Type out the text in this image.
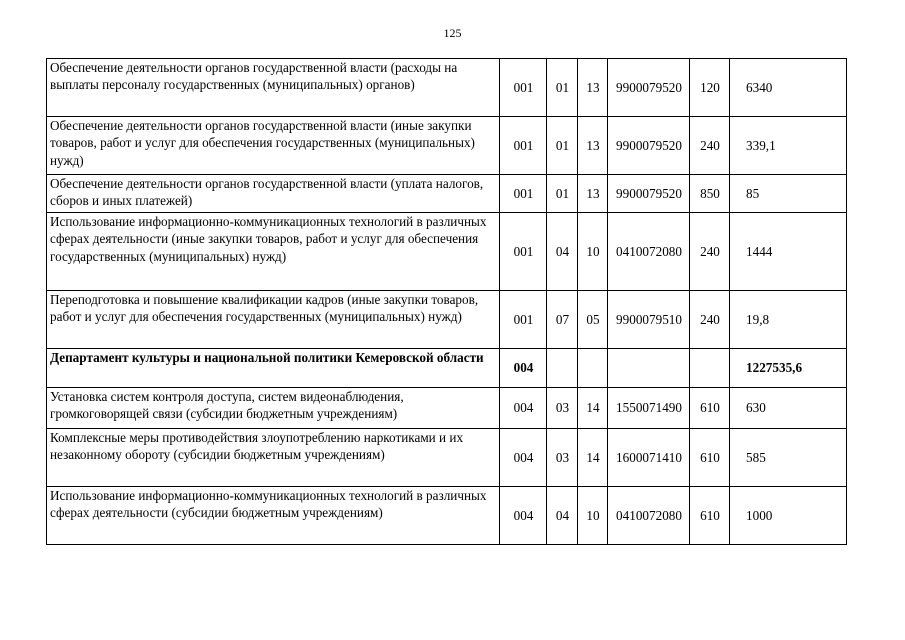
125
Обеспечение деятельности органов государственной власти (расходы на выплаты персоналу государственных (муниципальных) органов)	001	01	13	9900079520	120	6340
Обеспечение деятельности органов государственной власти (иные закупки товаров, работ и услуг для обеспечения государственных (муниципальных) нужд)	001	01	13	9900079520	240	339,1
Обеспечение деятельности органов государственной власти (уплата налогов, сборов и иных платежей)	001	01	13	9900079520	850	85
Использование информационно-коммуникационных технологий в различных сферах деятельности (иные закупки товаров, работ и услуг для обеспечения государственных (муниципальных) нужд)	001	04	10	0410072080	240	1444
Переподготовка и повышение квалификации кадров (иные закупки товаров, работ и услуг для обеспечения государственных (муниципальных) нужд)	001	07	05	9900079510	240	19,8
Департамент культуры и национальной политики Кемеровской области	004					1227535,6
Установка систем контроля доступа, систем видеонаблюдения, громкоговорящей связи (субсидии бюджетным учреждениям)	004	03	14	1550071490	610	630
Комплексные меры противодействия злоупотреблению наркотиками и их незаконному обороту (субсидии бюджетным учреждениям)	004	03	14	1600071410	610	585
Использование информационно-коммуникационных технологий в различных сферах деятельности (субсидии бюджетным учреждениям)	004	04	10	0410072080	610	1000
